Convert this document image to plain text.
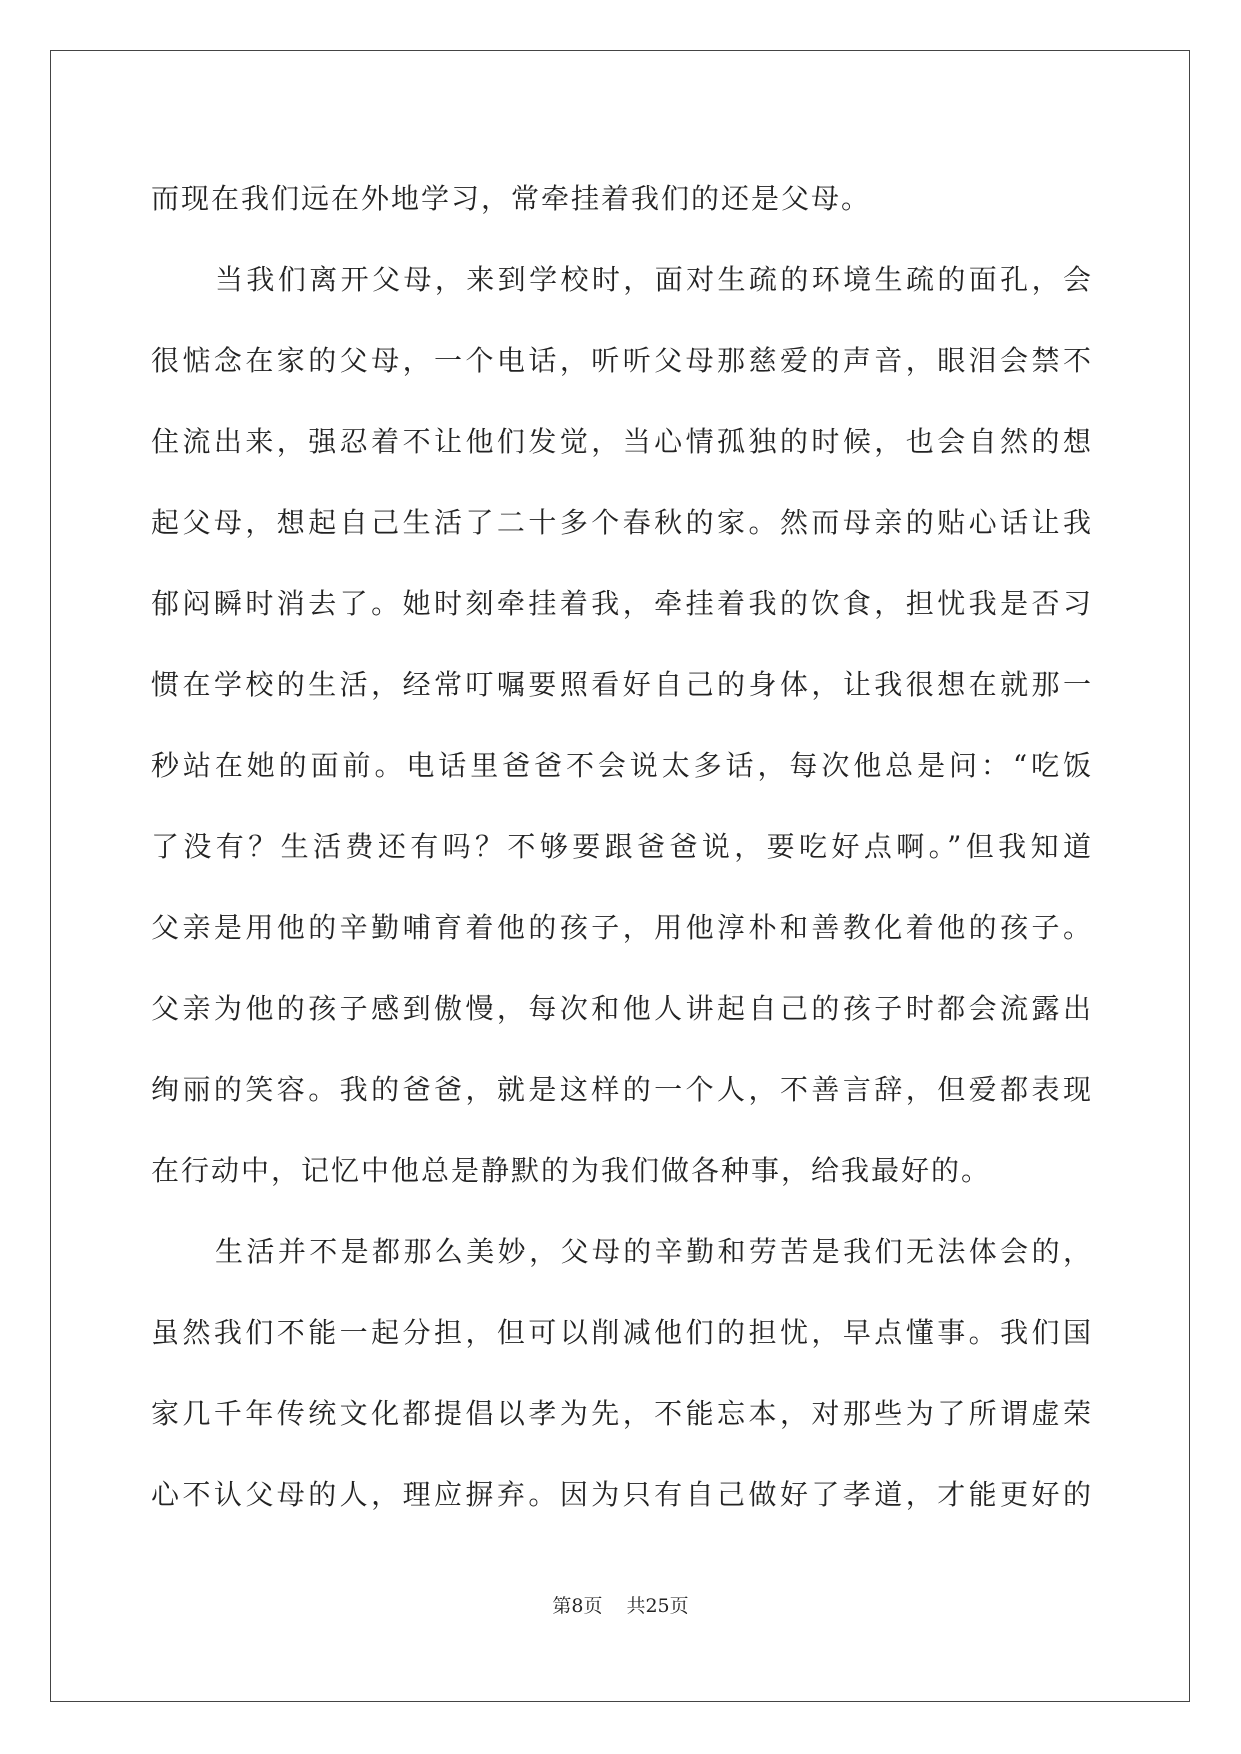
而现在我们远在外地学习，常牵挂着我们的还是父母。
当我们离开父母，来到学校时，面对生疏的环境生疏的面孔，会
很惦念在家的父母，一个电话，听听父母那慈爱的声音，眼泪会禁不
住流出来，强忍着不让他们发觉，当心情孤独的时候，也会自然的想
起父母，想起自己生活了二十多个春秋的家。然而母亲的贴心话让我
郁闷瞬时消去了。她时刻牵挂着我，牵挂着我的饮食，担忧我是否习
惯在学校的生活，经常叮嘱要照看好自己的身体，让我很想在就那一
秒站在她的面前。电话里爸爸不会说太多话，每次他总是问：“吃饭
了没有？生活费还有吗？不够要跟爸爸说，要吃好点啊。”但我知道
父亲是用他的辛勤哺育着他的孩子，用他淳朴和善教化着他的孩子。
父亲为他的孩子感到傲慢，每次和他人讲起自己的孩子时都会流露出
绚丽的笑容。我的爸爸，就是这样的一个人，不善言辞，但爱都表现
在行动中，记忆中他总是静默的为我们做各种事，给我最好的。
生活并不是都那么美妙，父母的辛勤和劳苦是我们无法体会的，
虽然我们不能一起分担，但可以削减他们的担忧，早点懂事。我们国
家几千年传统文化都提倡以孝为先，不能忘本，对那些为了所谓虚荣
心不认父母的人，理应摒弃。因为只有自己做好了孝道，才能更好的
第8页 共25页
